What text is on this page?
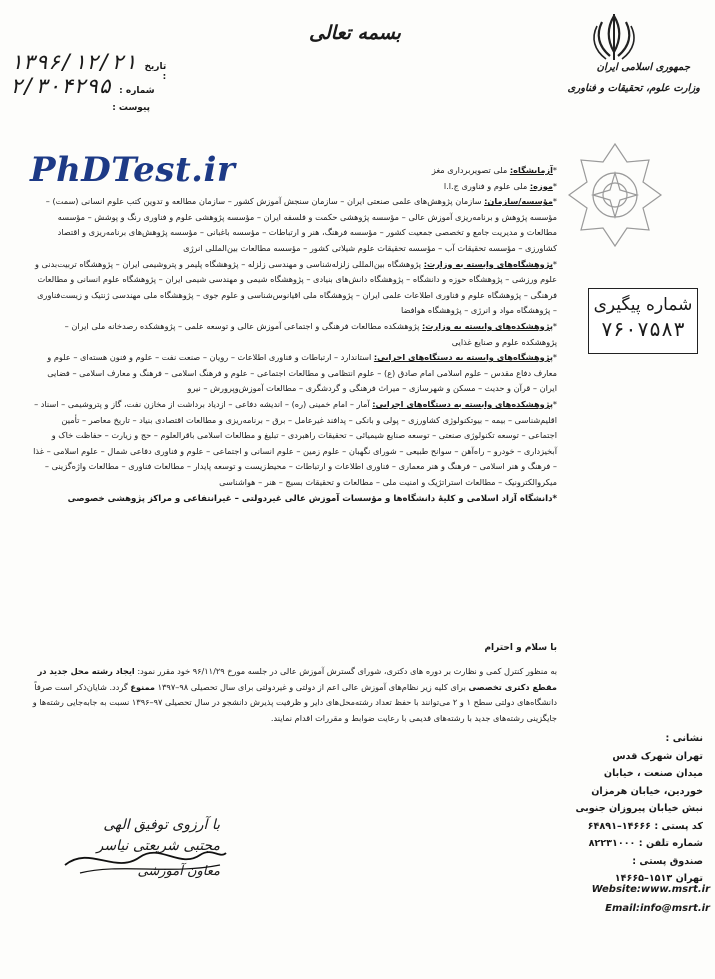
بسمه تعالی
جمهوری اسلامی ایران
وزارت علوم، تحقیقات و فناوری
۱۳۹۶/۱۲/۲۱ تاریخ :
۲/۳۰۴۲۹۵ شماره :
پیوست :
PhDTest.ir
شماره پیگیری
۷۶۰۷۵۸۳

*آزمایشگاه: ملی تصویربرداری مغز

*موزه: ملی علوم و فناوری ج.ا.ا

*مؤسسه/سازمان: سازمان پژوهش‌های علمی صنعتی ایران – سازمان سنجش آموزش کشور – سازمان مطالعه و تدوین کتب علوم انسانی (سمت) – مؤسسه پژوهش و برنامه‌ریزی آموزش عالی – مؤسسه پژوهشی حکمت و فلسفه ایران – مؤسسه پژوهشی علوم و فناوری رنگ و پوشش – مؤسسه مطالعات و مدیریت جامع و تخصصی جمعیت کشور – مؤسسه فرهنگ، هنر و ارتباطات – مؤسسه باغبانی – مؤسسه پژوهش‌های برنامه‌ریزی و اقتصاد کشاورزی – مؤسسه تحقیقات آب – مؤسسه تحقیقات علوم شیلاتی کشور – مؤسسه مطالعات بین‌المللی انرژی

*پژوهشگاه‌های وابسته به وزارت: پژوهشگاه بین‌المللی زلزله‌شناسی و مهندسی زلزله – پژوهشگاه پلیمر و پتروشیمی ایران – پژوهشگاه تربیت‌بدنی و علوم ورزشی – پژوهشگاه حوزه و دانشگاه – پژوهشگاه دانش‌های بنیادی – پژوهشگاه شیمی و مهندسی شیمی ایران – پژوهشگاه علوم انسانی و مطالعات فرهنگی – پژوهشگاه علوم و فناوری اطلاعات علمی ایران – پژوهشگاه ملی اقیانوس‌شناسی و علوم جوی – پژوهشگاه ملی مهندسی ژنتیک و زیست‌فناوری – پژوهشگاه مواد و انرژی – پژوهشگاه هوافضا

*پژوهشکده‌های وابسته به وزارت: پژوهشکده مطالعات فرهنگی و اجتماعی آموزش عالی و توسعه علمی – پژوهشکده رصدخانه ملی ایران – پژوهشکده علوم و صنایع غذایی

*پژوهشگاه‌های وابسته به دستگاه‌های اجرایی: استاندارد – ارتباطات و فناوری اطلاعات – رویان – صنعت نفت – علوم و فنون هسته‌ای – علوم و معارف دفاع مقدس – علوم اسلامی امام صادق (ع) – علوم انتظامی و مطالعات اجتماعی – علوم و فرهنگ اسلامی – فرهنگ و معارف اسلامی – فضایی ایران – قرآن و حدیث – مسکن و شهرسازی – میراث فرهنگی و گردشگری – مطالعات آموزش‌وپرورش – نیرو

*پژوهشکده‌های وابسته به دستگاه‌های اجرایی: آمار – امام خمینی (ره) – اندیشه دفاعی – ازدیاد برداشت از مخازن نفت، گاز و پتروشیمی – اسناد – اقلیم‌شناسی – بیمه – بیوتکنولوژی کشاورزی – پولی و بانکی – پدافند غیرعامل – برق – برنامه‌ریزی و مطالعات اقتصادی بنیاد – تاریخ معاصر – تأمین اجتماعی – توسعه تکنولوژی صنعتی – توسعه صنایع شیمیائی – تحقیقات راهبردی – تبلیغ و مطالعات اسلامی باقرالعلوم – حج و زیارت – حفاظت خاک و آبخیزداری – خودرو – راه‌آهن – سوانح طبیعی – شورای نگهبان – علوم زمین – علوم انسانی و اجتماعی – علوم و فناوری دفاعی شمال – علوم اسلامی – غذا – فرهنگ و هنر اسلامی – فرهنگ و هنر معماری – فناوری اطلاعات و ارتباطات – محیط‌زیست و توسعه پایدار – مطالعات فناوری – مطالعات واژه‌گزینی – میکروالکترونیک – مطالعات استراتژیک و امنیت ملی – مطالعات و تحقیقات بسیج – هنر – هواشناسی

*دانشگاه آزاد اسلامی و کلیهٔ دانشگاه‌ها و مؤسسات آموزش عالی غیردولتی – غیرانتفاعی و مراکز پژوهشی خصوصی

با سلام و احترام
به منظور کنترل کمی و نظارت بر دوره های دکتری، شورای گسترش آموزش عالی در جلسه مورخ ۹۶/۱۱/۲۹ خود مقرر نمود: ایجاد رشته محل جدید در مقطع دکتری تخصصی برای کلیه زیر نظام‌های آموزش عالی اعم از دولتی و غیردولتی برای سال تحصیلی ۹۸–۱۳۹۷ ممنوع گردد. شایان‌ذکر است صرفاً دانشگاه‌های دولتی سطح ۱ و ۲ می‌توانند با حفظ تعداد رشته‌محل‌های دایر و ظرفیت پذیرش دانشجو در سال تحصیلی ۹۷–۱۳۹۶ نسبت به جابه‌جایی رشته‌ها و جایگزینی رشته‌های جدید با رشته‌های قدیمی با رعایت ضوابط و مقررات اقدام نمایند.
نشانی :
تهران شهرک قدس
میدان صنعت ، خیابان
خوردین، خیابان هرمزان
نبش خیابان پیروزان جنوبی
کد پستی : ۱۴۶۶۶–۶۴۸۹۱
شماره تلفن : ۸۲۲۳۱۰۰۰
صندوق پستی :
تهران ۱۵۱۳–۱۴۶۶۵
Website:www.msrt.ir
Email:info@msrt.ir
با آرزوی توفیق الهی
مجتبی شریعتی نیاسر
معاون آموزشی
